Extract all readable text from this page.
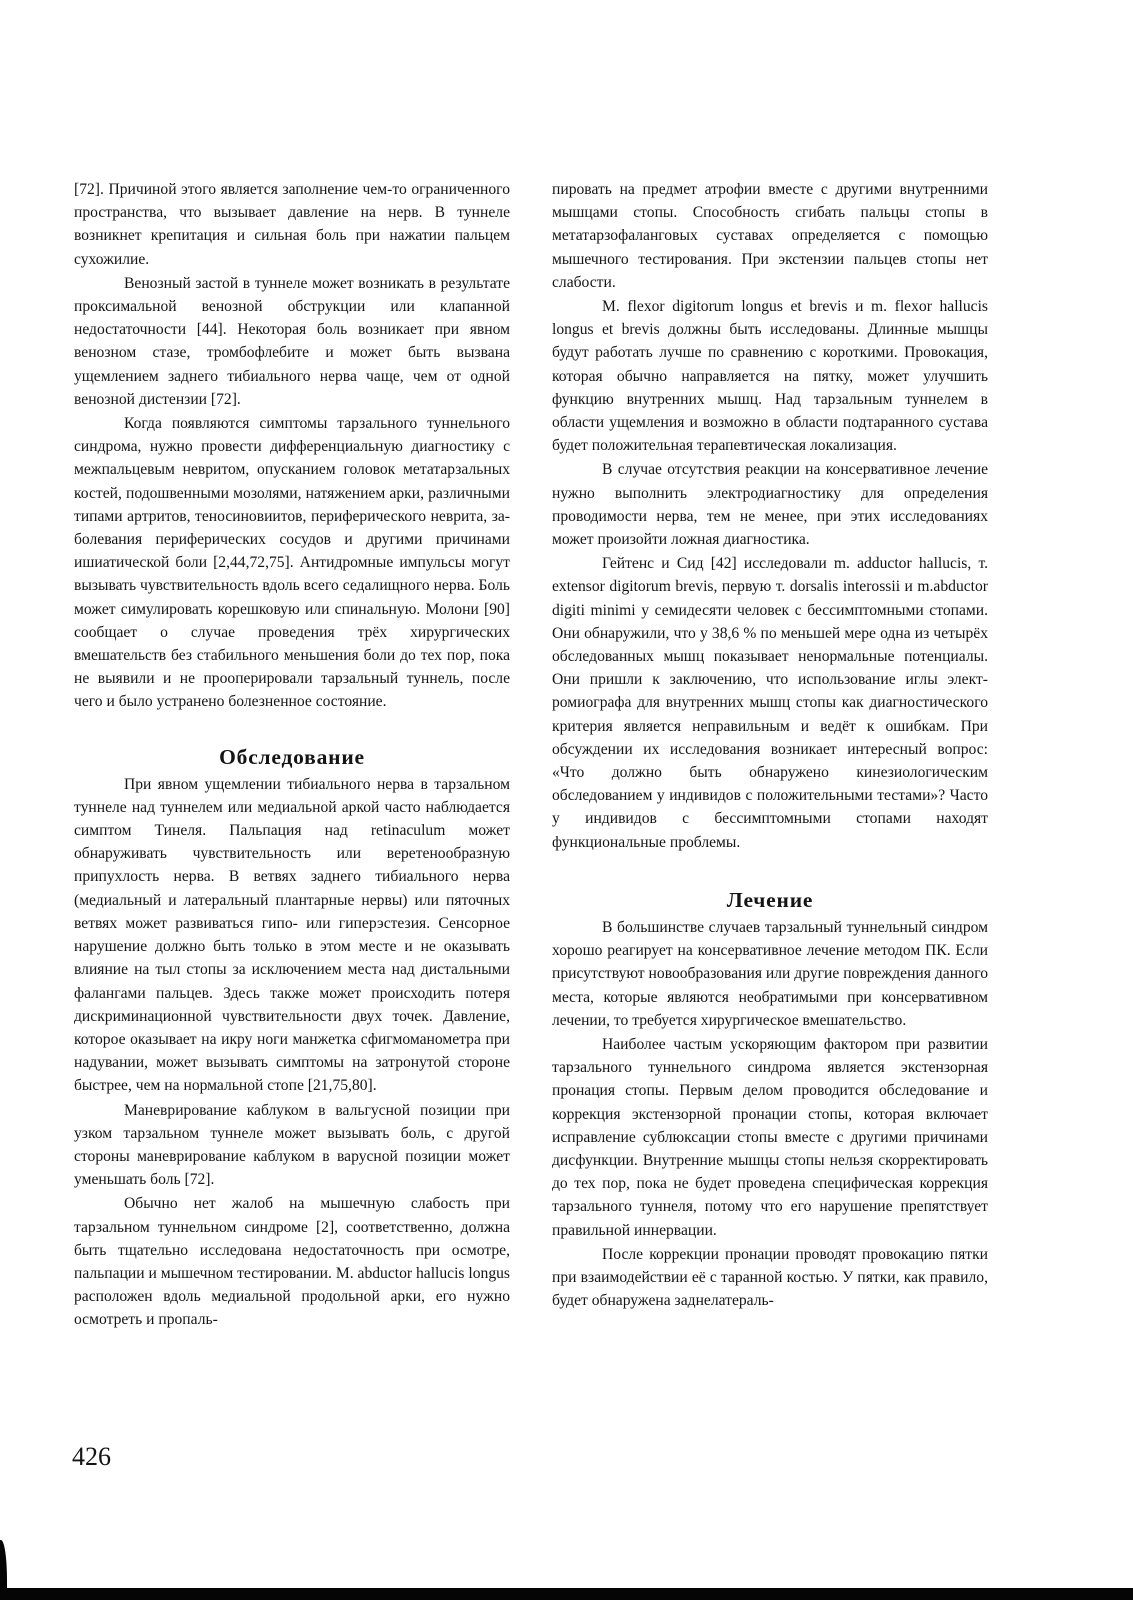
[72]. Причиной этого является заполнение чем-то ограниченного пространства, что вызывает давление на нерв. В туннеле возникнет крепитация и сильная боль при нажатии пальцем сухожилие.

Венозный застой в туннеле может возникать в результате проксимальной венозной обструкции или клапанной недостаточности [44]. Некоторая боль возникает при явном венозном стазе, тромбофлебите и может быть вызвана ущемлением заднего тибиального нерва чаще, чем от одной венозной дистензии [72].

Когда появляются симптомы тарзального туннельного синдрома, нужно провести дифференциальную диагностику с межпальцевым невритом, опусканием головок метатарзальных костей, подошвенными мозолями, натяжением арки, различными типами артритов, теносиновиитов, периферического неврита, заболевания периферических сосудов и другими причинами ишиатической боли [2,44,72,75]. Антидромные импульсы могут вызывать чувствительность вдоль всего седалищного нерва. Боль может симулировать корешковую или спинальную. Молони [90] сообщает о случае проведения трёх хирургических вмешательств без стабильного меньшения боли до тех пор, пока не выявили и не прооперировали тарзальный туннель, после чего и было устранено болезненное состояние.

Обследование

При явном ущемлении тибиального нерва в тарзальном туннеле над туннелем или медиальной аркой часто наблюдается симптом Тинеля. Пальпация над retinaculum может обнаруживать чувствительность или веретенообразную припухлость нерва. В ветвях заднего тибиального нерва (медиальный и латеральный плантарные нервы) или пяточных ветвях может развиваться гипо- или гиперэстезия. Сенсорное нарушение должно быть только в этом месте и не оказывать влияние на тыл стопы за исключением места над дистальными фалангами пальцев. Здесь также может происходить потеря дискриминационной чувствительности двух точек. Давление, которое оказывает на икру ноги манжетка сфигмоманометра при надувании, может вызывать симптомы на затронутой стороне быстрее, чем на нормальной стопе [21,75,80].

Маневрирование каблуком в вальгусной позиции при узком тарзальном туннеле может вызывать боль, с другой стороны маневрирование каблуком в варусной позиции может уменьшать боль [72].

Обычно нет жалоб на мышечную слабость при тарзальном туннельном синдроме [2], соответственно, должна быть тщательно исследована недостаточность при осмотре, пальпации и мышечном тестировании. M. abductor hallucis longus расположен вдоль медиальной продольной арки, его нужно осмотреть и пропаль-

пировать на предмет атрофии вместе с другими внутренними мышцами стопы. Способность сгибать пальцы стопы в метатарзофаланговых суставах определяется с помощью мышечного тестирования. При экстензии пальцев стопы нет слабости.

M. flexor digitorum longus et brevis и m. flexor hallucis longus et brevis должны быть исследованы. Длинные мышцы будут работать лучше по сравнению с короткими. Провокация, которая обычно направляется на пятку, может улучшить функцию внутренних мышц. Над тарзальным туннелем в области ущемления и возможно в области подтаранного сустава будет положительная терапевтическая локализация.

В случае отсутствия реакции на консервативное лечение нужно выполнить электродиагностику для определения проводимости нерва, тем не менее, при этих исследованиях может произойти ложная диагностика.

Гейтенс и Сид [42] исследовали m. adductor hallucis, т. extensor digitorum brevis, первую т. dorsalis interossii и m.abductor digiti minimi у семидесяти человек с бессимптомными стопами. Они обнаружили, что у 38,6 % по меньшей мере одна из четырёх обследованных мышц показывает ненормальные потенциалы. Они пришли к заключению, что использование иглы электромиографа для внутренних мышц стопы как диагностического критерия является неправильным и ведёт к ошибкам. При обсуждении их исследования возникает интересный вопрос: «Что должно быть обнаружено кинезиологическим обследованием у индивидов с положительными тестами»? Часто у индивидов с бессимптомными стопами находят функциональные проблемы.

Лечение

В большинстве случаев тарзальный туннельный синдром хорошо реагирует на консервативное лечение методом ПК. Если присутствуют новообразования или другие повреждения данного места, которые являются необратимыми при консервативном лечении, то требуется хирургическое вмешательство.

Наиболее частым ускоряющим фактором при развитии тарзального туннельного синдрома является экстензорная пронация стопы. Первым делом проводится обследование и коррекция экстензорной пронации стопы, которая включает исправление сублюксации стопы вместе с другими причинами дисфункции. Внутренние мышцы стопы нельзя скорректировать до тех пор, пока не будет проведена специфическая коррекция тарзального туннеля, потому что его нарушение препятствует правильной иннервации.

После коррекции пронации проводят провокацию пятки при взаимодействии её с таранной костью. У пятки, как правило, будет обнаружена заднелатераль-

426
